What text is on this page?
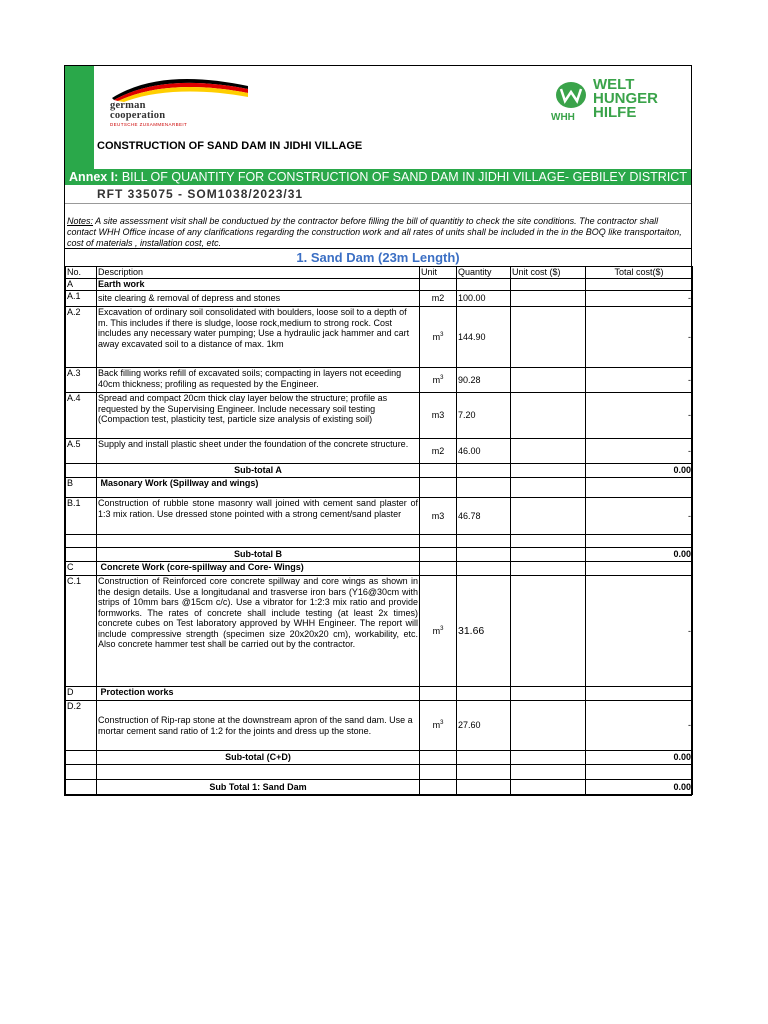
german
cooperation
DEUTSCHE ZUSAMMENARBEIT
WELT
HUNGER
HILFE
WHH
CONSTRUCTION OF SAND DAM IN JIDHI VILLAGE
Annex I: BILL OF QUANTITY FOR CONSTRUCTION OF SAND DAM IN JIDHI VILLAGE- GEBILEY DISTRICT
RFT 335075 - SOM1038/2023/31
Notes: A site assessment visit shall be conductued by the contractor before filling the bill of quantitiy to check the site conditions. The contractor shall contact WHH Office incase of any clarifications regarding the construction work and all rates of units shall be included in the in the BOQ like transportaiton, cost of materials , installation cost, etc.
1. Sand Dam (23m Length)
No.	Description	Unit	Quantity	Unit cost ($)	Total cost($)
A	Earth work				
A.1	site clearing & removal of depress and stones	m2	100.00		-
A.2	Excavation of ordinary soil consolidated with boulders, loose soil to a depth of m. This includes if there is sludge, loose rock,medium to strong rock. Cost includes any necessary water pumping; Use a hydraulic jack hammer and cart away excavated soil to a distance of max. 1km	$m^3$	144.90		-
A.3	Back filling works refill of excavated soils; compacting in layers not eceeding 40cm thickness; profiling as requested by the Engineer.	$m^3$	90.28		-
A.4	Spread and compact 20cm thick clay layer below the structure; profile as requested by the Supervising Engineer. Include necessary soil testing (Compaction test, plasticity test, particle size analysis of existing soil)	m3	7.20		-
A.5	Supply and install plastic sheet under the foundation of the concrete structure.	m2	46.00		-
	Sub-total A				0.00
B	Masonary Work (Spillway and wings)				
B.1	Construction of rubble stone masonry wall joined with cement sand plaster of 1:3 mix ration. Use dressed stone pointed with a strong cement/sand plaster	m3	46.78		-

	Sub-total B				0.00
C	Concrete Work (core-spillway and Core- Wings)				
C.1	Construction of Reinforced core concrete spillway and core wings as shown in the design details. Use a longitudanal and trasverse iron bars (Y16@30cm with strips of 10mm bars @15cm c/c). Use a vibrator for 1:2:3 mix ratio and provide formworks. The rates of concrete shall include testing (at least 2x times) concrete cubes on Test laboratory approved by WHH Engineer. The report will include compressive strength (specimen size 20x20x20 cm), workability, etc. Also concrete hammer test shall be carried out by the contractor.	$m^3$	31.66		-
D	Protection works				
D.2	Construction of Rip-rap stone at the downstream apron of the sand dam. Use a mortar cement sand ratio of 1:2 for the joints and dress up the stone.	$m^3$	27.60		-
	Sub-total (C+D)				0.00

	Sub Total 1: Sand Dam				0.00
